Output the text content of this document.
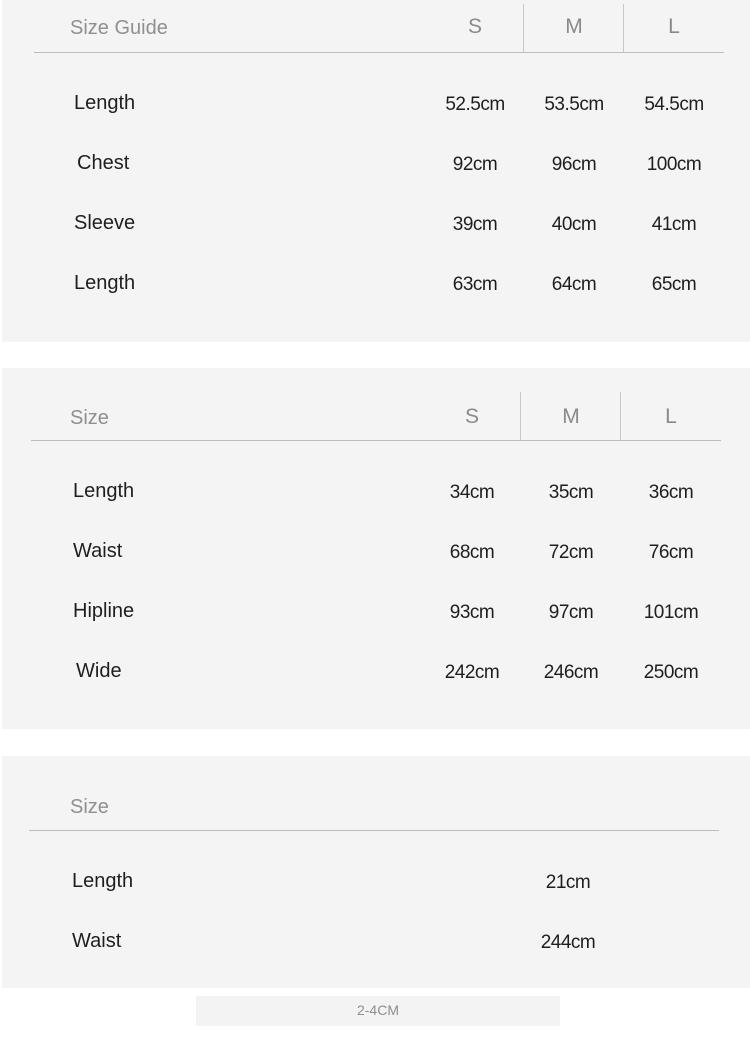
Size Guide	S	M	L
Length	52.5cm	53.5cm	54.5cm
Chest	92cm	96cm	100cm
Sleeve	39cm	40cm	41cm
Length	63cm	64cm	65cm
Size	S	M	L
Length	34cm	35cm	36cm
Waist	68cm	72cm	76cm
Hipline	93cm	97cm	101cm
Wide	242cm	246cm	250cm
Size
Length	21cm
Waist	244cm
2-4CM
